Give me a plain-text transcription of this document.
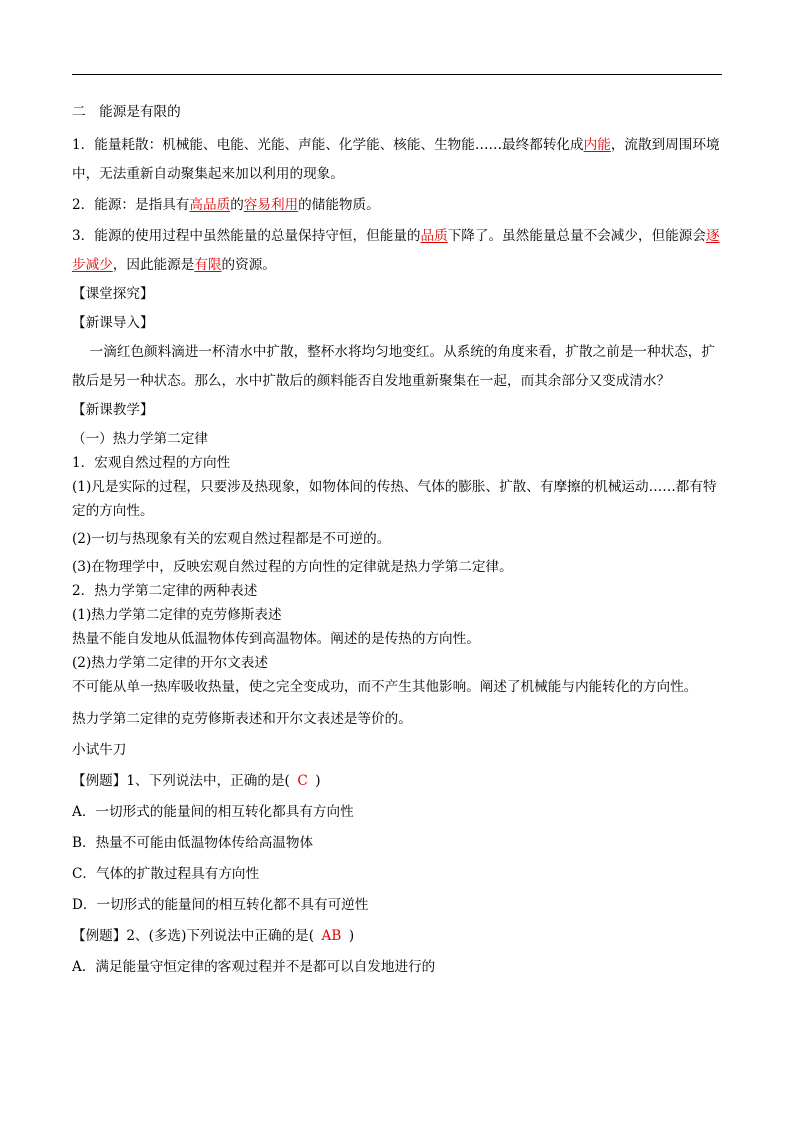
二　能源是有限的

1．能量耗散：机械能、电能、光能、声能、化学能、核能、生物能……最终都转化成内能，流散到周围环境中，无法重新自动聚集起来加以利用的现象。

2．能源：是指具有高品质的容易利用的储能物质。

3．能源的使用过程中虽然能量的总量保持守恒，但能量的品质下降了。虽然能量总量不会减少，但能源会逐步减少，因此能源是有限的资源。

【课堂探究】

【新课导入】

一滴红色颜料滴进一杯清水中扩散，整杯水将均匀地变红。从系统的角度来看，扩散之前是一种状态，扩散后是另一种状态。那么，水中扩散后的颜料能否自发地重新聚集在一起，而其余部分又变成清水？

【新课教学】

（一）热力学第二定律

1．宏观自然过程的方向性

(1)凡是实际的过程，只要涉及热现象，如物体间的传热、气体的膨胀、扩散、有摩擦的机械运动……都有特定的方向性。

(2)一切与热现象有关的宏观自然过程都是不可逆的。

(3)在物理学中，反映宏观自然过程的方向性的定律就是热力学第二定律。

2．热力学第二定律的两种表述

(1)热力学第二定律的克劳修斯表述

热量不能自发地从低温物体传到高温物体。阐述的是传热的方向性。

(2)热力学第二定律的开尔文表述

不可能从单一热库吸收热量，使之完全变成功，而不产生其他影响。阐述了机械能与内能转化的方向性。

热力学第二定律的克劳修斯表述和开尔文表述是等价的。

小试牛刀

【例题】1、下列说法中，正确的是( C )

A．一切形式的能量间的相互转化都具有方向性

B．热量不可能由低温物体传给高温物体

C．气体的扩散过程具有方向性

D．一切形式的能量间的相互转化都不具有可逆性

【例题】2、(多选)下列说法中正确的是( AB )

A．满足能量守恒定律的客观过程并不是都可以自发地进行的
